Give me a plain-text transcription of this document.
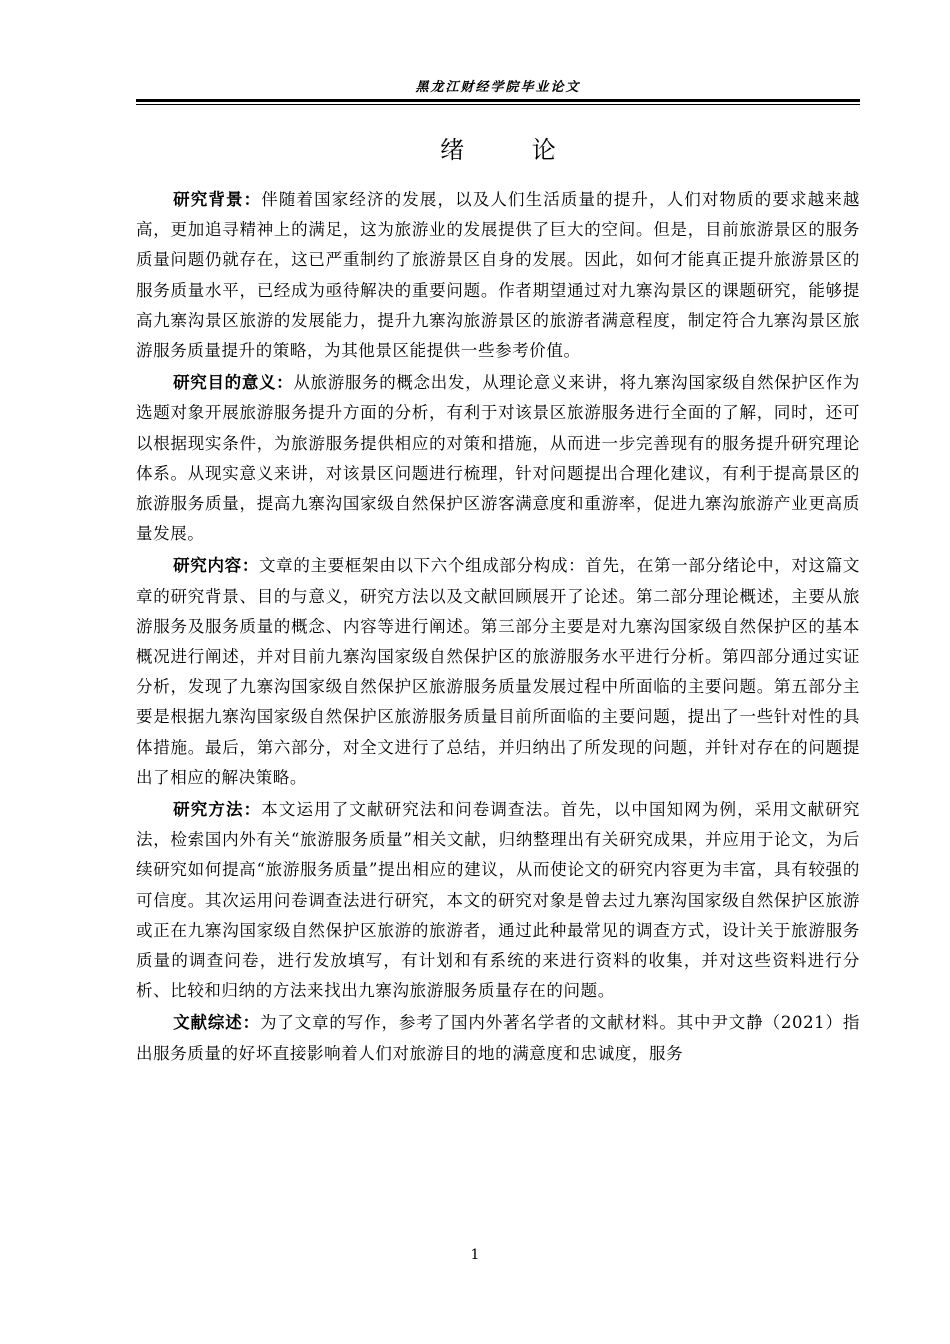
黑龙江财经学院毕业论文
绪 论

研究背景：伴随着国家经济的发展，以及人们生活质量的提升，人们对物质的要求越来越高，更加追寻精神上的满足，这为旅游业的发展提供了巨大的空间。但是，目前旅游景区的服务质量问题仍就存在，这已严重制约了旅游景区自身的发展。因此，如何才能真正提升旅游景区的服务质量水平，已经成为亟待解决的重要问题。作者期望通过对九寨沟景区的课题研究，能够提高九寨沟景区旅游的发展能力，提升九寨沟旅游景区的旅游者满意程度，制定符合九寨沟景区旅游服务质量提升的策略，为其他景区能提供一些参考价值。

研究目的意义：从旅游服务的概念出发，从理论意义来讲，将九寨沟国家级自然保护区作为选题对象开展旅游服务提升方面的分析，有利于对该景区旅游服务进行全面的了解，同时，还可以根据现实条件，为旅游服务提供相应的对策和措施，从而进一步完善现有的服务提升研究理论体系。从现实意义来讲，对该景区问题进行梳理，针对问题提出合理化建议，有利于提高景区的旅游服务质量，提高九寨沟国家级自然保护区游客满意度和重游率，促进九寨沟旅游产业更高质量发展。

研究内容：文章的主要框架由以下六个组成部分构成：首先，在第一部分绪论中，对这篇文章的研究背景、目的与意义，研究方法以及文献回顾展开了论述。第二部分理论概述，主要从旅游服务及服务质量的概念、内容等进行阐述。第三部分主要是对九寨沟国家级自然保护区的基本概况进行阐述，并对目前九寨沟国家级自然保护区的旅游服务水平进行分析。第四部分通过实证分析，发现了九寨沟国家级自然保护区旅游服务质量发展过程中所面临的主要问题。第五部分主要是根据九寨沟国家级自然保护区旅游服务质量目前所面临的主要问题，提出了一些针对性的具体措施。最后，第六部分，对全文进行了总结，并归纳出了所发现的问题，并针对存在的问题提出了相应的解决策略。

研究方法：本文运用了文献研究法和问卷调查法。首先，以中国知网为例，采用文献研究法，检索国内外有关“旅游服务质量”相关文献，归纳整理出有关研究成果，并应用于论文，为后续研究如何提高“旅游服务质量”提出相应的建议，从而使论文的研究内容更为丰富，具有较强的可信度。其次运用问卷调查法进行研究，本文的研究对象是曾去过九寨沟国家级自然保护区旅游或正在九寨沟国家级自然保护区旅游的旅游者，通过此种最常见的调查方式，设计关于旅游服务质量的调查问卷，进行发放填写，有计划和有系统的来进行资料的收集，并对这些资料进行分析、比较和归纳的方法来找出九寨沟旅游服务质量存在的问题。

文献综述：为了文章的写作，参考了国内外著名学者的文献材料。其中尹文静（2021）指出服务质量的好坏直接影响着人们对旅游目的地的满意度和忠诚度，服务

1
